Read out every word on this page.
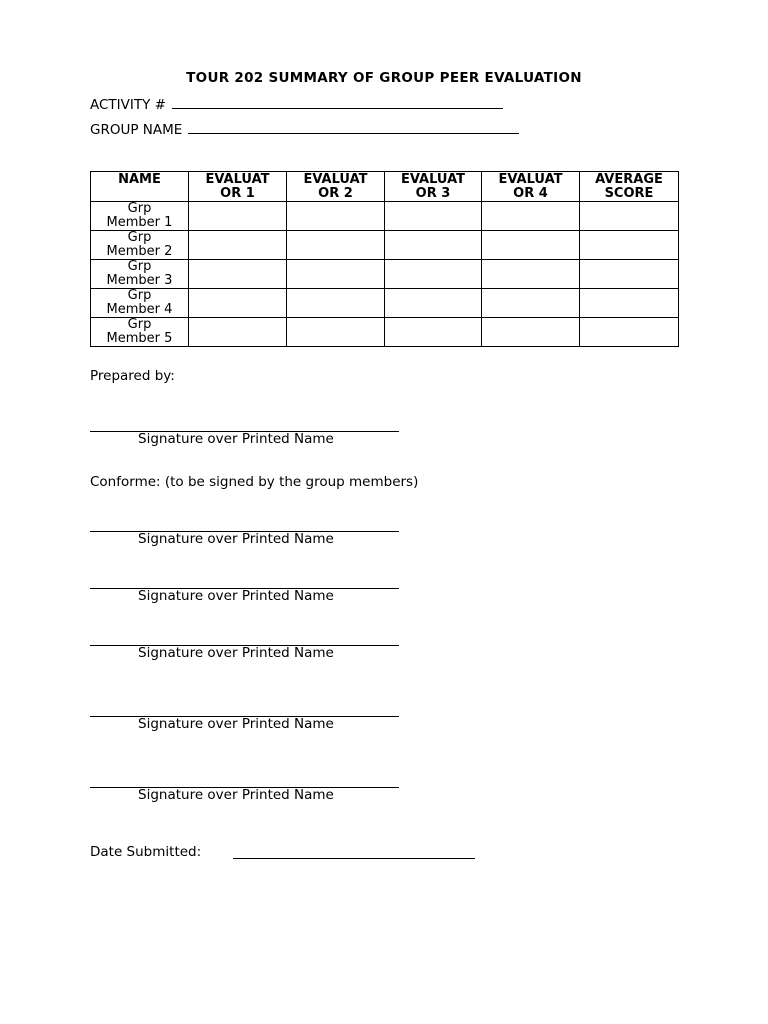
TOUR 202 SUMMARY OF GROUP PEER EVALUATION
ACTIVITY #
GROUP NAME
NAME	EVALUAT OR 1	EVALUAT OR 2	EVALUAT OR 3	EVALUAT OR 4	AVERAGE SCORE

Grp Member 1					

Grp Member 2					

Grp Member 3					

Grp Member 4					

Grp Member 5					

Prepared by:
Signature over Printed Name
Conforme: (to be signed by the group members)
Signature over Printed Name
Signature over Printed Name
Signature over Printed Name
Signature over Printed Name
Signature over Printed Name
Date Submitted:
